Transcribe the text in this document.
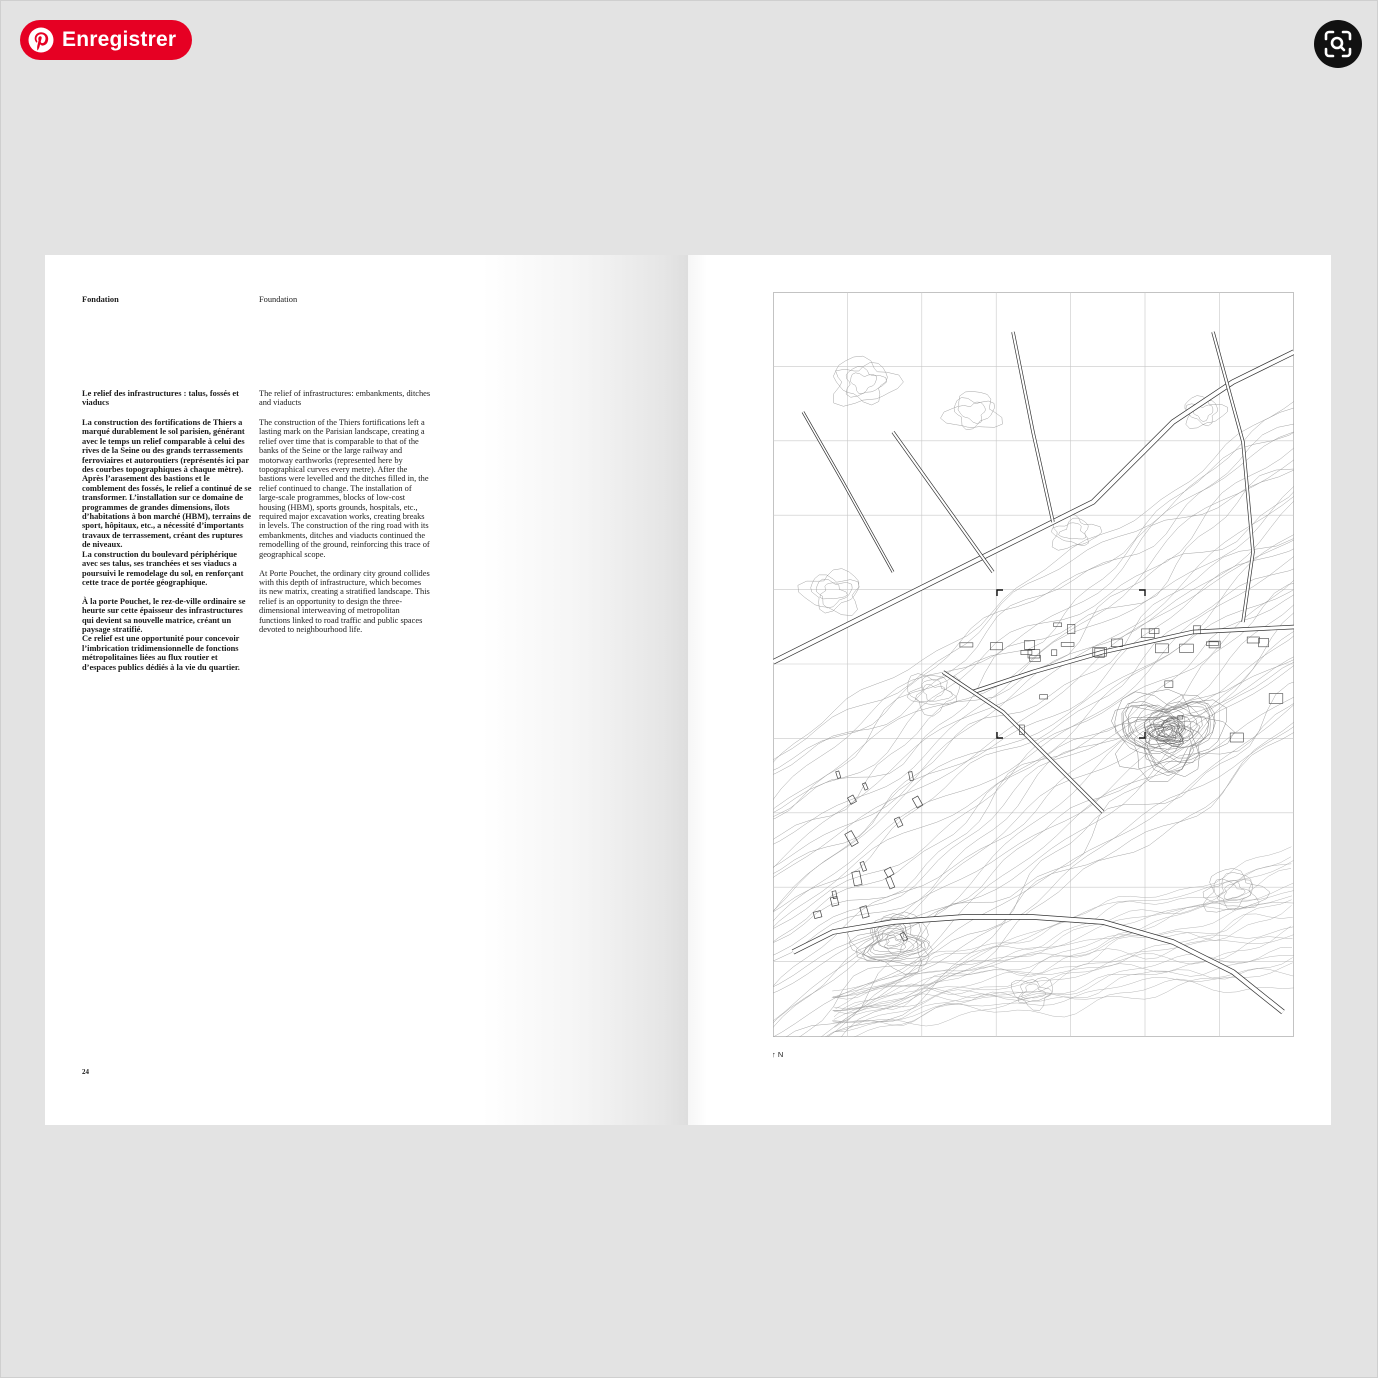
Enregistrer
Fondation	Foundation
Le relief des infrastructures : talus, fossés et viaducs
The relief of infrastructures: embankments, ditches and viaducts
La construction des fortifications de Thiers a marqué durablement le sol parisien, générant avec le temps un relief comparable à celui des rives de la Seine ou des grands terrassements ferroviaires et autoroutiers (représentés ici par des courbes topographiques à chaque mètre). Après l’arasement des bastions et le comblement des fossés, le relief a continué de se transformer. L’installation sur ce domaine de programmes de grandes dimensions, îlots d’habitations à bon marché (HBM), terrains de sport, hôpitaux, etc., a nécessité d’importants travaux de terrassement, créant des ruptures de niveaux.
La construction du boulevard périphérique avec ses talus, ses tranchées et ses viaducs a poursuivi le remodelage du sol, en renforçant cette trace de portée géographique.

À la porte Pouchet, le rez-de-ville ordinaire se heurte sur cette épaisseur des infrastructures qui devient sa nouvelle matrice, créant un paysage stratifié.
Ce relief est une opportunité pour concevoir l’imbrication tridimensionnelle de fonctions métropolitaines liées au flux routier et d’espaces publics dédiés à la vie du quartier.
The construction of the Thiers fortifications left a lasting mark on the Parisian landscape, creating a relief over time that is comparable to that of the banks of the Seine or the large railway and motorway earthworks (represented here by topographical curves every metre). After the bastions were levelled and the ditches filled in, the relief continued to change. The installation of large-scale programmes, blocks of low-cost housing (HBM), sports grounds, hospitals, etc., required major excavation works, creating breaks in levels. The construction of the ring road with its embankments, ditches and viaducts continued the remodelling of the ground, reinforcing this trace of geographical scope.

At Porte Pouchet, the ordinary city ground collides with this depth of infrastructure, which becomes its new matrix, creating a stratified landscape. This relief is an opportunity to design the three-dimensional interweaving of metropolitan functions linked to road traffic and public spaces devoted to neighbourhood life.
24
↑ N
